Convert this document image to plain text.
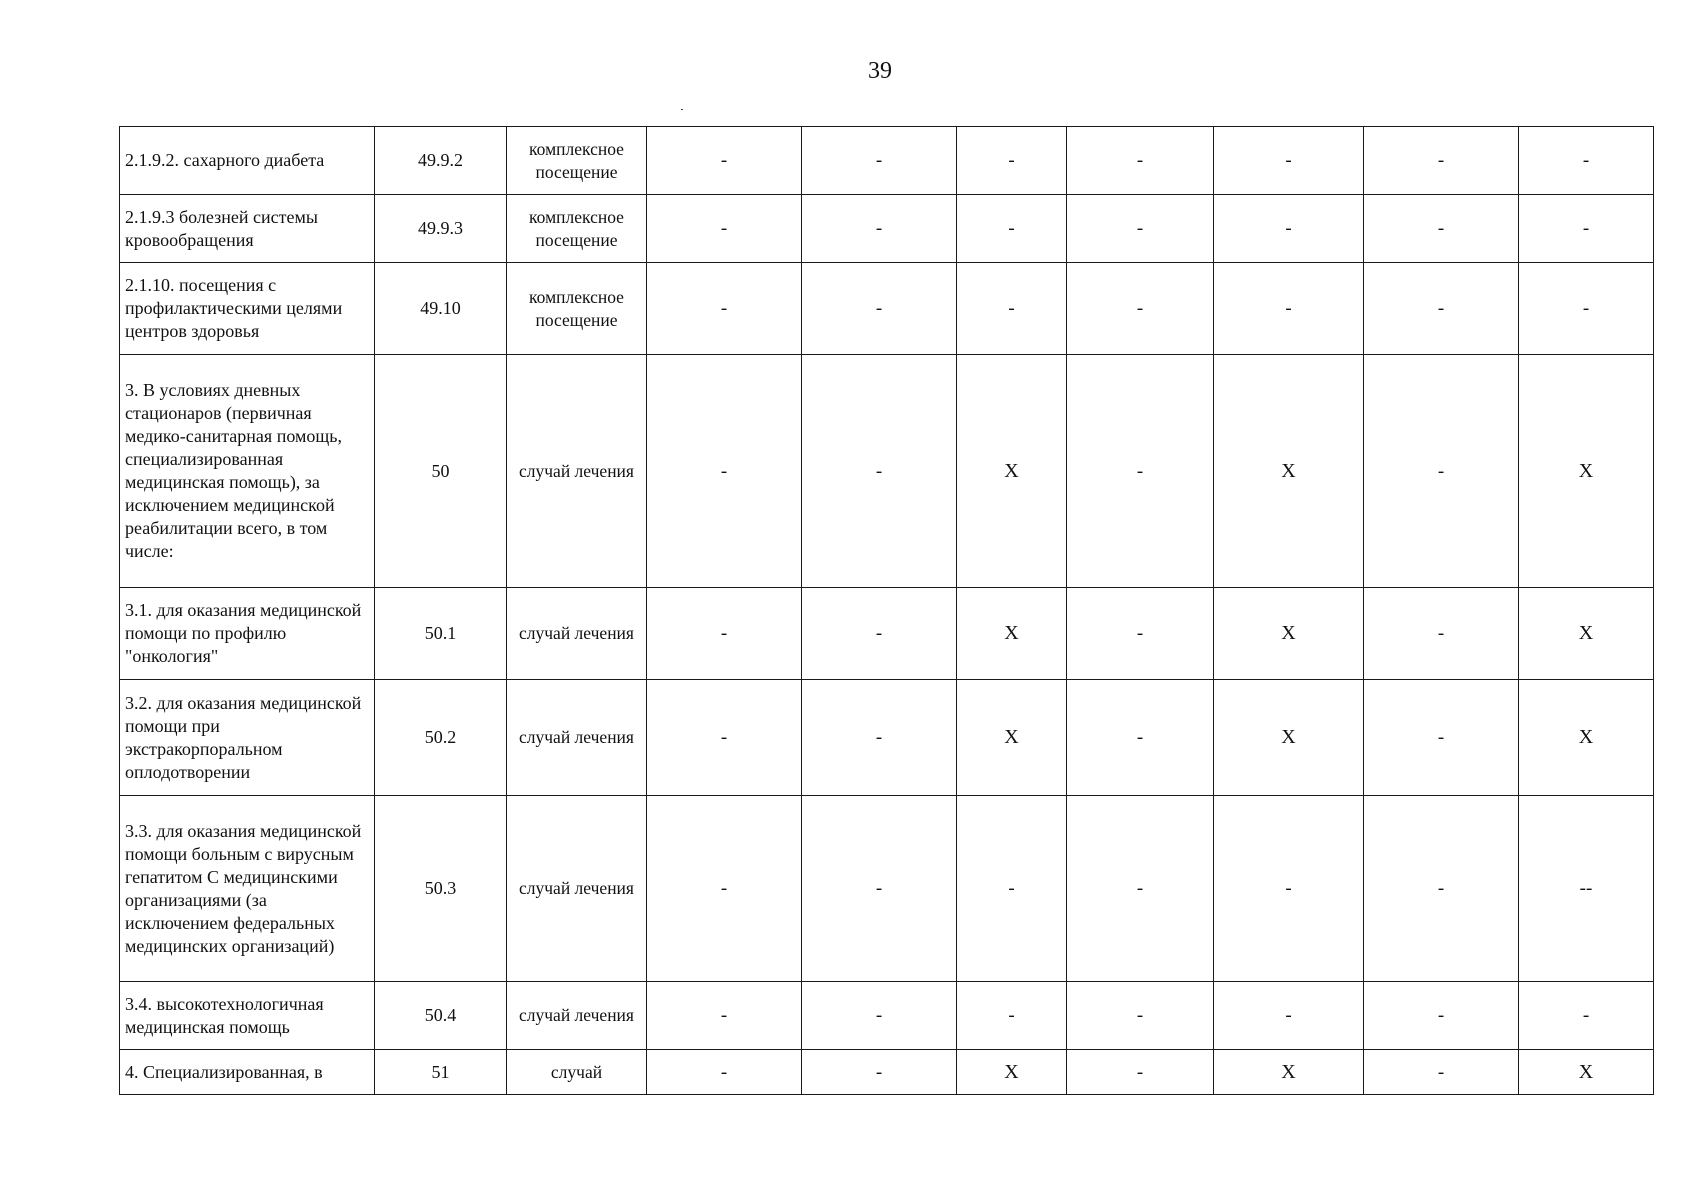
39
2.1.9.2. сахарного диабета	49.9.2	комплексное посещение	-	-	-	-	-	-	-
2.1.9.3 болезней системы кровообращения	49.9.3	комплексное посещение	-	-	-	-	-	-	-
2.1.10. посещения с профилактическими целями центров здоровья	49.10	комплексное посещение	-	-	-	-	-	-	-
3. В условиях дневных стационаров (первичная медико-санитарная помощь, специализированная медицинская помощь), за исключением медицинской реабилитации всего, в том числе:	50	случай лечения	-	-	X	-	X	-	X
3.1. для оказания медицинской помощи по профилю "онкология"	50.1	случай лечения	-	-	X	-	X	-	X
3.2. для оказания медицинской помощи при экстракорпоральном оплодотворении	50.2	случай лечения	-	-	X	-	X	-	X
3.3. для оказания медицинской помощи больным с вирусным гепатитом С медицинскими организациями (за исключением федеральных медицинских организаций)	50.3	случай лечения	-	-	-	-	-	-	--
3.4. высокотехнологичная медицинская помощь	50.4	случай лечения	-	-	-	-	-	-	-
4. Специализированная, в	51	случай	-	-	X	-	X	-	X
